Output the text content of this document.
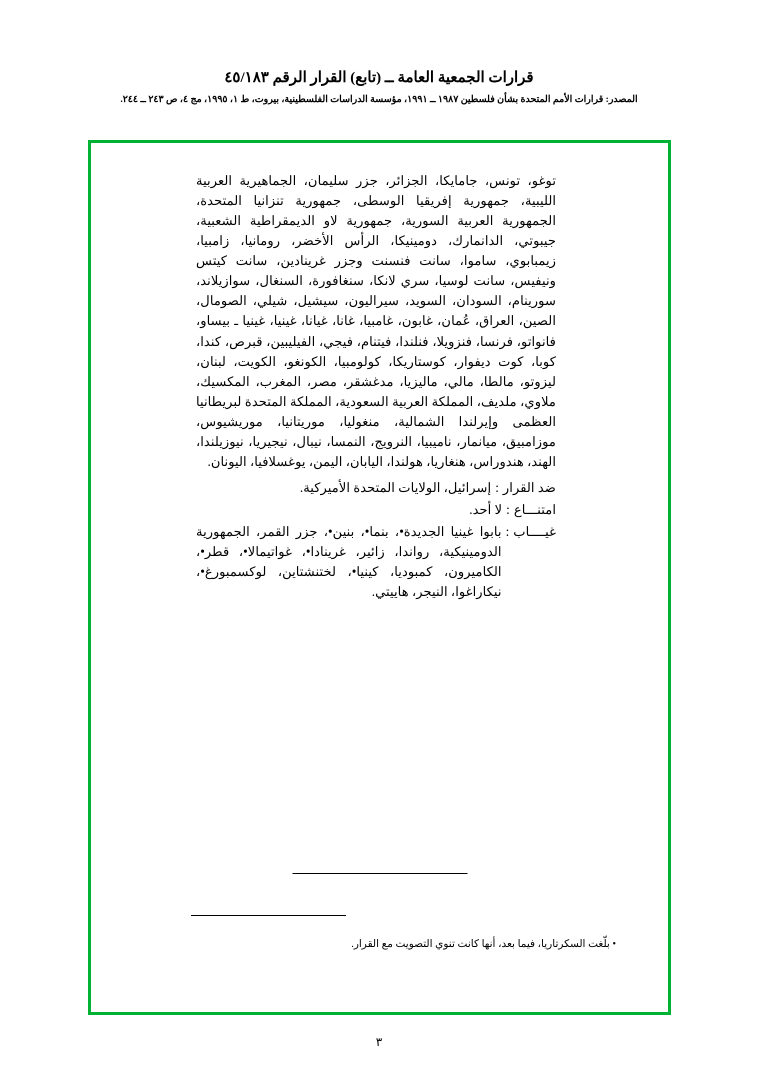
قرارات الجمعية العامة ــ (تابع) القرار الرقم ٤٥/١٨٣
المصدر: قرارات الأمم المتحدة بشأن فلسطين ١٩٨٧ ــ ١٩٩١، مؤسسة الدراسات الفلسطينية، بيروت، ط ١، ١٩٩٥، مج ٤، ص ٢٤٣ ــ ٢٤٤.

توغو، تونس، جامايكا، الجزائر، جزر سليمان، الجماهيرية العربية الليبية، جمهورية إفريقيا الوسطى، جمهورية تنزانيا المتحدة، الجمهورية العربية السورية، جمهورية لاو الديمقراطية الشعبية، جيبوتي، الدانمارك، دومينيكا، الرأس الأخضر، رومانيا، زامبيا، زيمبابوي، ساموا، سانت فنسنت وجزر غرينادين، سانت كيتس ونيفيس، سانت لوسيا، سري لانكا، سنغافورة، السنغال، سوازيلاند، سورينام، السودان، السويد، سيراليون، سيشيل، شيلي، الصومال، الصين، العراق، عُمان، غابون، غامبيا، غانا، غيانا، غينيا، غينيا ـ بيساو، فانواتو، فرنسا، فنزويلا، فنلندا، فيتنام، فيجي، الفيليبين، قبرص، كندا، كوبا، كوت ديفوار، كوستاريكا، كولومبيا، الكونغو، الكويت، لبنان، ليزوتو، مالطا، مالي، ماليزيا، مدغشقر، مصر، المغرب، المكسيك، ملاوي، ملديف، المملكة العربية السعودية، المملكة المتحدة لبريطانيا العظمى وإيرلندا الشمالية، منغوليا، موريتانيا، موريشيوس، موزامبيق، ميانمار، ناميبيا، النرويج، النمسا، نيبال، نيجيريا، نيوزيلندا، الهند، هندوراس، هنغاريا، هولندا، اليابان، اليمن، يوغسلافيا، اليونان.

ضد القرار
:
إسرائيل، الولايات المتحدة الأميركية.
امتنـــاع
:
لا أحد.
غيــــاب
:
بابوا غينيا الجديدة•، بنما•، بنين•، جزر القمر، الجمهورية الدومينيكية، رواندا، زائير، غرينادا•، غواتيمالا•، قطر•، الكاميرون، كمبوديا، كينيا•، لختنشتاين، لوكسمبورغ•، نيكاراغوا، النيجر، هاييتي.
• بلّغت السكرتاريا، فيما بعد، أنها كانت تنوي التصويت مع القرار.
٣
